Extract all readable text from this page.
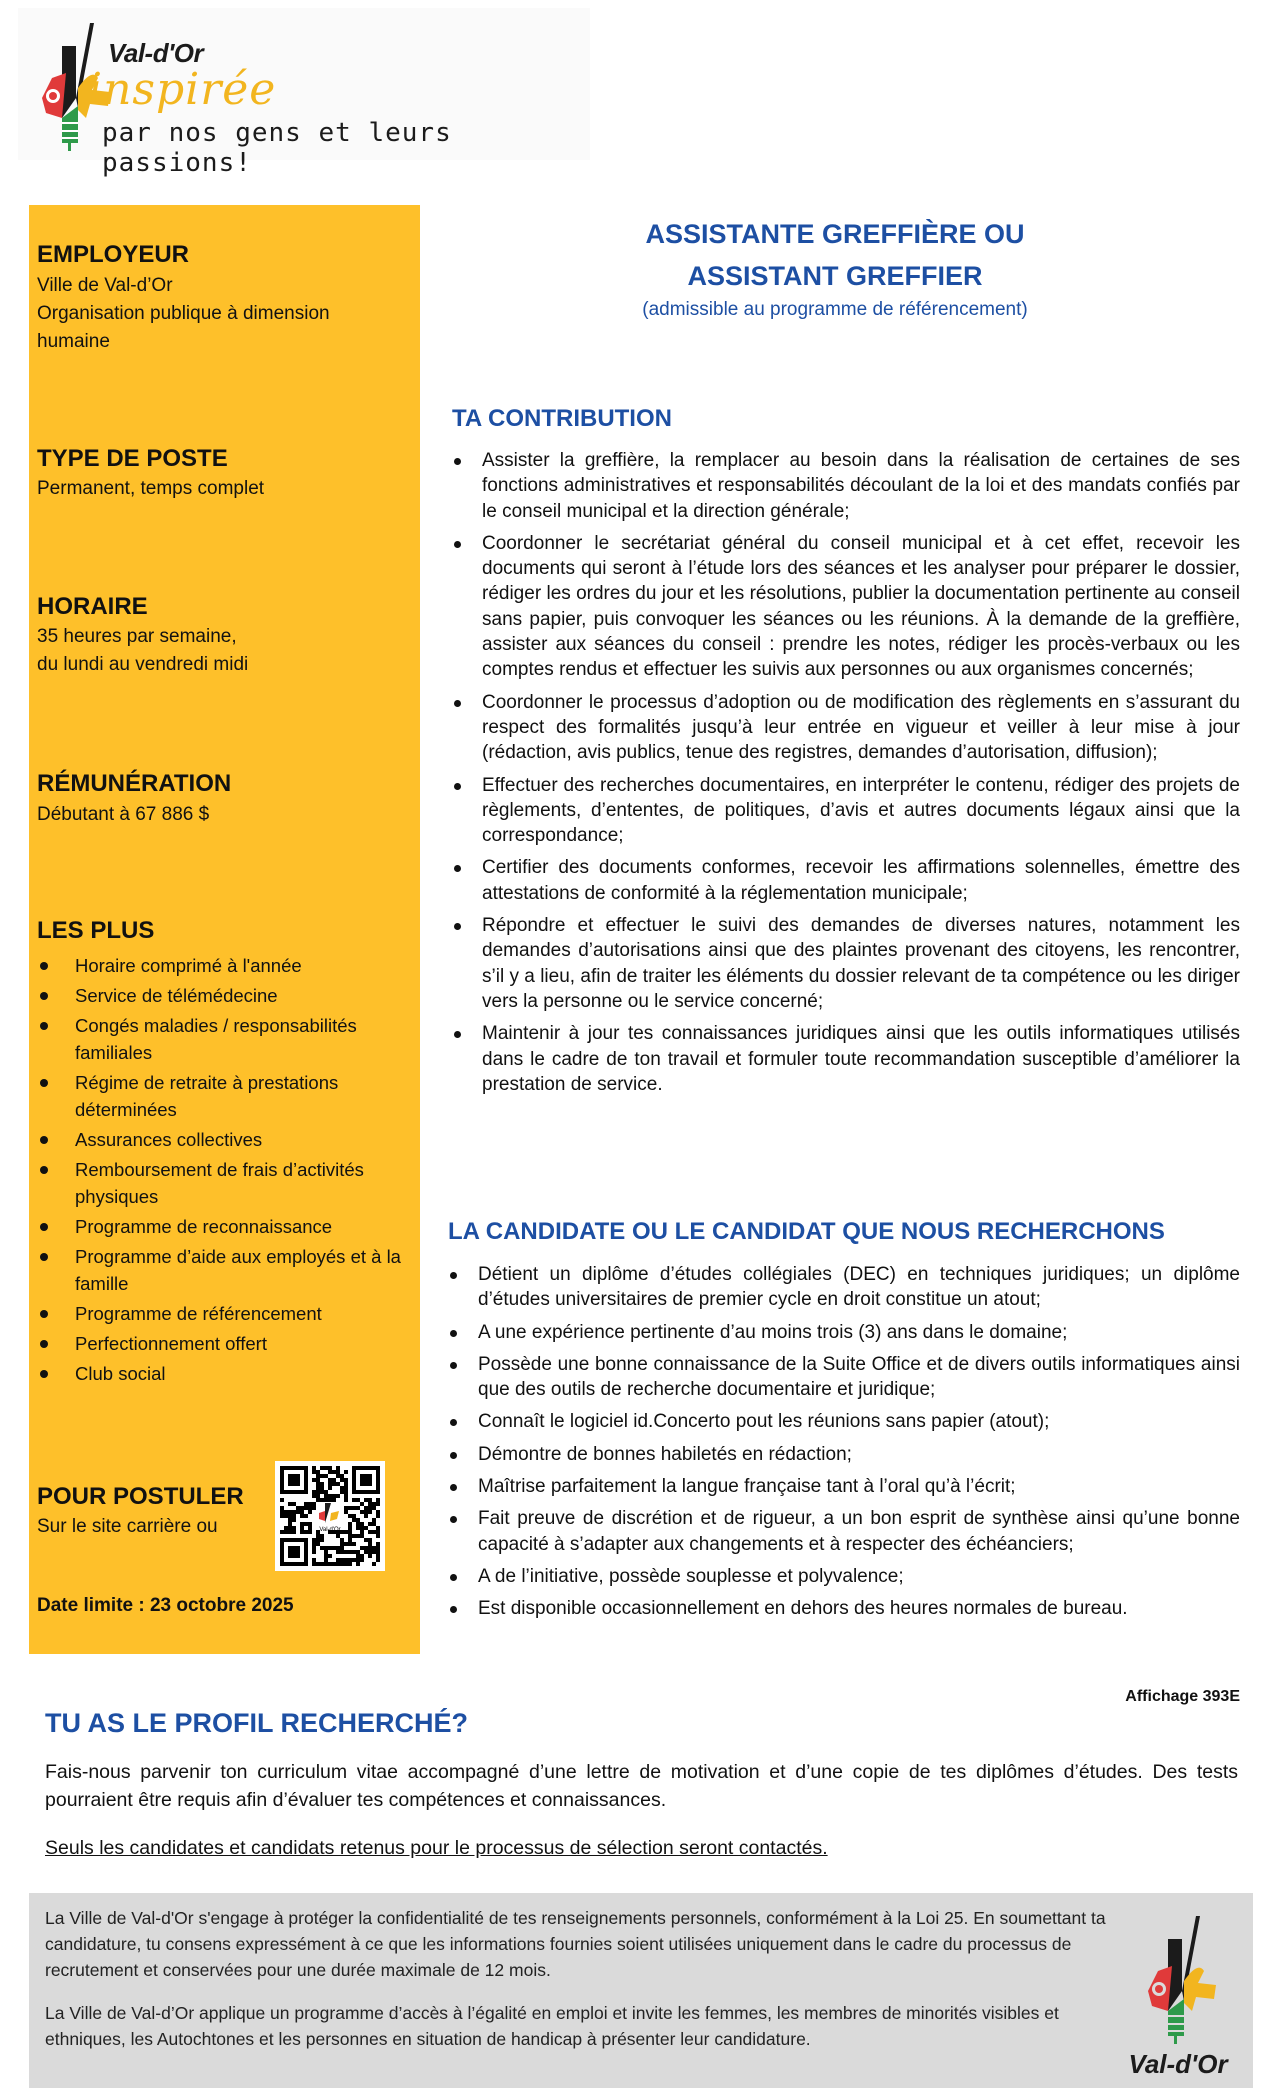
Val-d'Or
inspirée
par nos gens et leurs passions!
EMPLOYEUR
Ville de Val-d’Or
Organisation publique à dimension humaine
TYPE DE POSTE
Permanent, temps complet
HORAIRE
35 heures par semaine,
du lundi au vendredi midi
RÉMUNÉRATION
Débutant à 67 886 $
LES PLUS
Horaire comprimé à l'année
Service de télémédecine
Congés maladies / responsabilités familiales
Régime de retraite à prestations déterminées
Assurances collectives
Remboursement de frais d’activités physiques
Programme de reconnaissance
Programme d’aide aux employés et à la famille
Programme de référencement
Perfectionnement offert
Club social
POUR POSTULER
Sur le site carrière ou	Val-d'Or
Date limite : 23 octobre 2025
ASSISTANTE GREFFIÈRE OU
ASSISTANT GREFFIER
(admissible au programme de référencement)
TA CONTRIBUTION
Assister la greffière, la remplacer au besoin dans la réalisation de certaines de ses fonctions administratives et responsabilités découlant de la loi et des mandats confiés par le conseil municipal et la direction générale;
Coordonner le secrétariat général du conseil municipal et à cet effet, recevoir les documents qui seront à l’étude lors des séances et les analyser pour préparer le dossier, rédiger les ordres du jour et les résolutions, publier la documentation pertinente au conseil sans papier, puis convoquer les séances ou les réunions. À la demande de la greffière, assister aux séances du conseil : prendre les notes, rédiger les procès-verbaux ou les comptes rendus et effectuer les suivis aux personnes ou aux organismes concernés;
Coordonner le processus d’adoption ou de modification des règlements en s’assurant du respect des formalités jusqu’à leur entrée en vigueur et veiller à leur mise à jour (rédaction, avis publics, tenue des registres, demandes d’autorisation, diffusion);
Effectuer des recherches documentaires, en interpréter le contenu, rédiger des projets de règlements, d’ententes, de politiques, d’avis et autres documents légaux ainsi que la correspondance;
Certifier des documents conformes, recevoir les affirmations solennelles, émettre des attestations de conformité à la réglementation municipale;
Répondre et effectuer le suivi des demandes de diverses natures, notamment les demandes d’autorisations ainsi que des plaintes provenant des citoyens, les rencontrer, s’il y a lieu, afin de traiter les éléments du dossier relevant de ta compétence ou les diriger vers la personne ou le service concerné;
Maintenir à jour tes connaissances juridiques ainsi que les outils informatiques utilisés dans le cadre de ton travail et formuler toute recommandation susceptible d’améliorer la prestation de service.
LA CANDIDATE OU LE CANDIDAT QUE NOUS RECHERCHONS
Détient un diplôme d’études collégiales (DEC) en techniques juridiques; un diplôme d’études universitaires de premier cycle en droit constitue un atout;
A une expérience pertinente d’au moins trois (3) ans dans le domaine;
Possède une bonne connaissance de la Suite Office et de divers outils informatiques ainsi que des outils de recherche documentaire et juridique;
Connaît le logiciel id.Concerto pout les réunions sans papier (atout);
Démontre de bonnes habiletés en rédaction;
Maîtrise parfaitement la langue française tant à l’oral qu’à l’écrit;
Fait preuve de discrétion et de rigueur, a un bon esprit de synthèse ainsi qu’une bonne capacité à s’adapter aux changements et à respecter des échéanciers;
A de l’initiative, possède souplesse et polyvalence;
Est disponible occasionnellement en dehors des heures normales de bureau.
Affichage 393E
TU AS LE PROFIL RECHERCHÉ?
Fais-nous parvenir ton curriculum vitae accompagné d’une lettre de motivation et d’une copie de tes diplômes d’études. Des tests pourraient être requis afin d’évaluer tes compétences et connaissances.
Seuls les candidates et candidats retenus pour le processus de sélection seront contactés.

La Ville de Val-d'Or s'engage à protéger la confidentialité de tes renseignements personnels, conformément à la Loi 25. En soumettant ta candidature, tu consens expressément à ce que les informations fournies soient utilisées uniquement dans le cadre du processus de recrutement et conservées pour une durée maximale de 12 mois.

La Ville de Val-d’Or applique un programme d’accès à l’égalité en emploi et invite les femmes, les membres de minorités visibles et ethniques, les Autochtones et les personnes en situation de handicap à présenter leur candidature.

Val-d'Or
